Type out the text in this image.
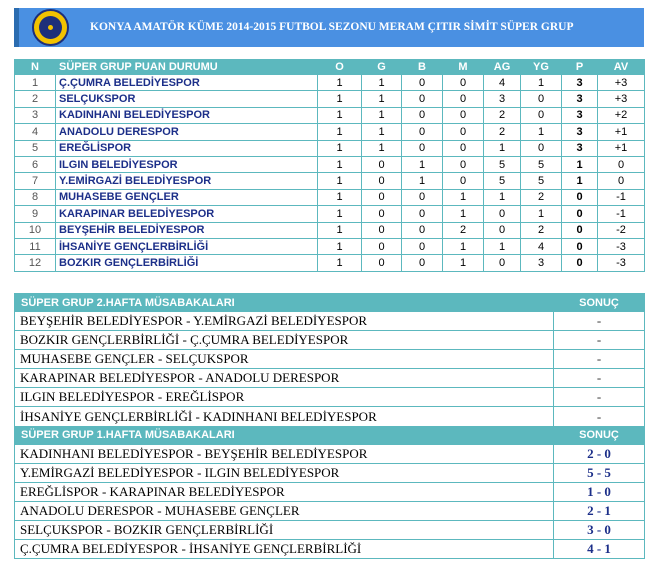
KONYA AMATÖR KÜME 2014-2015 FUTBOL SEZONU MERAM ÇITIR SİMİT SÜPER GRUP
N	SÜPER GRUP PUAN DURUMU	O	G	B	M	AG	YG	P	AV
1	Ç.ÇUMRA BELEDİYESPOR	1	1	0	0	4	1	3	+3
2	SELÇUKSPOR	1	1	0	0	3	0	3	+3
3	KADINHANI BELEDİYESPOR	1	1	0	0	2	0	3	+2
4	ANADOLU DERESPOR	1	1	0	0	2	1	3	+1
5	EREĞLİSPOR	1	1	0	0	1	0	3	+1
6	ILGIN BELEDİYESPOR	1	0	1	0	5	5	1	0
7	Y.EMİRGAZİ BELEDİYESPOR	1	0	1	0	5	5	1	0
8	MUHASEBE GENÇLER	1	0	0	1	1	2	0	-1
9	KARAPINAR BELEDİYESPOR	1	0	0	1	0	1	0	-1
10	BEYŞEHİR BELEDİYESPOR	1	0	0	2	0	2	0	-2
11	İHSANİYE GENÇLERBİRLİĞİ	1	0	0	1	1	4	0	-3
12	BOZKIR GENÇLERBİRLİĞİ	1	0	0	1	0	3	0	-3
SÜPER GRUP 2.HAFTA MÜSABAKALARI	SONUÇ
BEYŞEHİR BELEDİYESPOR - Y.EMİRGAZİ BELEDİYESPOR	-
BOZKIR GENÇLERBİRLİĞİ - Ç.ÇUMRA BELEDİYESPOR	-
MUHASEBE GENÇLER - SELÇUKSPOR	-
KARAPINAR BELEDİYESPOR - ANADOLU DERESPOR	-
ILGIN BELEDİYESPOR - EREĞLİSPOR	-
İHSANİYE GENÇLERBİRLİĞİ - KADINHANI BELEDİYESPOR	-
SÜPER GRUP 1.HAFTA MÜSABAKALARI	SONUÇ
KADINHANI BELEDİYESPOR - BEYŞEHİR BELEDİYESPOR	2 - 0
Y.EMİRGAZİ BELEDİYESPOR - ILGIN BELEDİYESPOR	5 - 5
EREĞLİSPOR - KARAPINAR BELEDİYESPOR	1 - 0
ANADOLU DERESPOR - MUHASEBE GENÇLER	2 - 1
SELÇUKSPOR - BOZKIR GENÇLERBİRLİĞİ	3 - 0
Ç.ÇUMRA BELEDİYESPOR - İHSANİYE GENÇLERBİRLİĞİ	4 - 1
